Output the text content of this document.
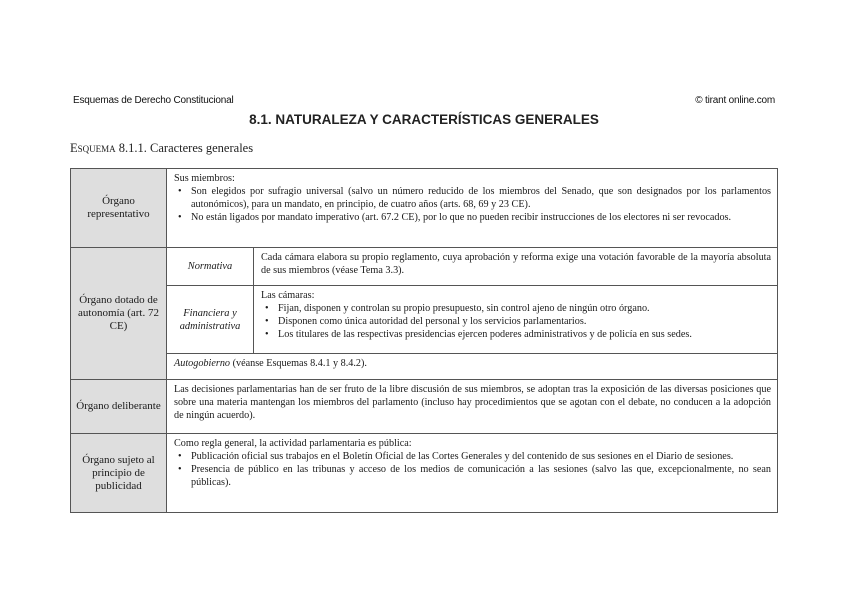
Esquemas de Derecho Constitucional	© tirant online.com
8.1. NATURALEZA Y CARACTERÍSTICAS GENERALES
Esquema 8.1.1. Caracteres generales
Órgano representativo	Sus miembros:
• Son elegidos por sufragio universal (salvo un número reducido de los miembros del Senado, que son designados por los parlamentos autonómicos), para un mandato, en principio, de cuatro años (arts. 68, 69 y 23 CE).
• No están ligados por mandato imperativo (art. 67.2 CE), por lo que no pueden recibir instrucciones de los electores ni ser revocados.

Órgano dotado de autonomía (art. 72 CE)	Normativa	Cada cámara elabora su propio reglamento, cuya aprobación y reforma exige una votación favorable de la mayoría absoluta de sus miembros (véase Tema 3.3).
	Financiera y administrativa	Las cámaras:
• Fijan, disponen y controlan su propio presupuesto, sin control ajeno de ningún otro órgano.
• Disponen como única autoridad del personal y los servicios parlamentarios.
• Los titulares de las respectivas presidencias ejercen poderes administrativos y de policía en sus sedes.

	Autogobierno (véanse Esquemas 8.4.1 y 8.4.2).	
Órgano deliberante	Las decisiones parlamentarias han de ser fruto de la libre discusión de sus miembros, se adoptan tras la exposición de las diversas posiciones que sobre una materia mantengan los miembros del parlamento (incluso hay procedimientos que se agotan con el debate, no conducen a la adopción de ningún acuerdo).	
Órgano sujeto al principio de publicidad	Como regla general, la actividad parlamentaria es pública:
• Publicación oficial sus trabajos en el Boletín Oficial de las Cortes Generales y del contenido de sus sesiones en el Diario de sesiones.
• Presencia de público en las tribunas y acceso de los medios de comunicación a las sesiones (salvo las que, excepcionalmente, no sean públicas).
